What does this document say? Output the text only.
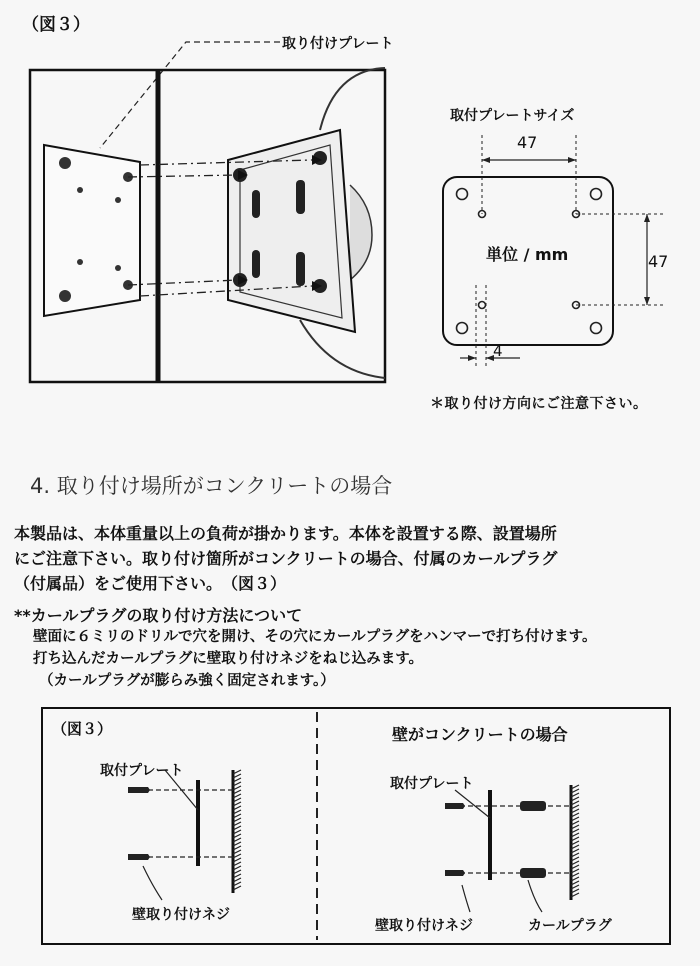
（図３）
取り付けプレート
取付プレートサイズ
47
47
単位 / mm
4
＊取り付け方向にご注意下さい。
4. 取り付け場所がコンクリートの場合
本製品は、本体重量以上の負荷が掛かります。本体を設置する際、設置場所
にご注意下さい。取り付け箇所がコンクリートの場合、付属のカールプラグ
（付属品）をご使用下さい。　（図３）
**カールプラグの取り付け方法について
壁面に６ミリのドリルで穴を開け、その穴にカールプラグをハンマーで打ち付けます。
打ち込んだカールプラグに壁取り付けネジをねじ込みます。
（カールプラグが膨らみ強く固定されます。）
（図３）
取付プレート
壁取り付けネジ
壁がコンクリートの場合
取付プレート
壁取り付けネジ	カールプラグ
